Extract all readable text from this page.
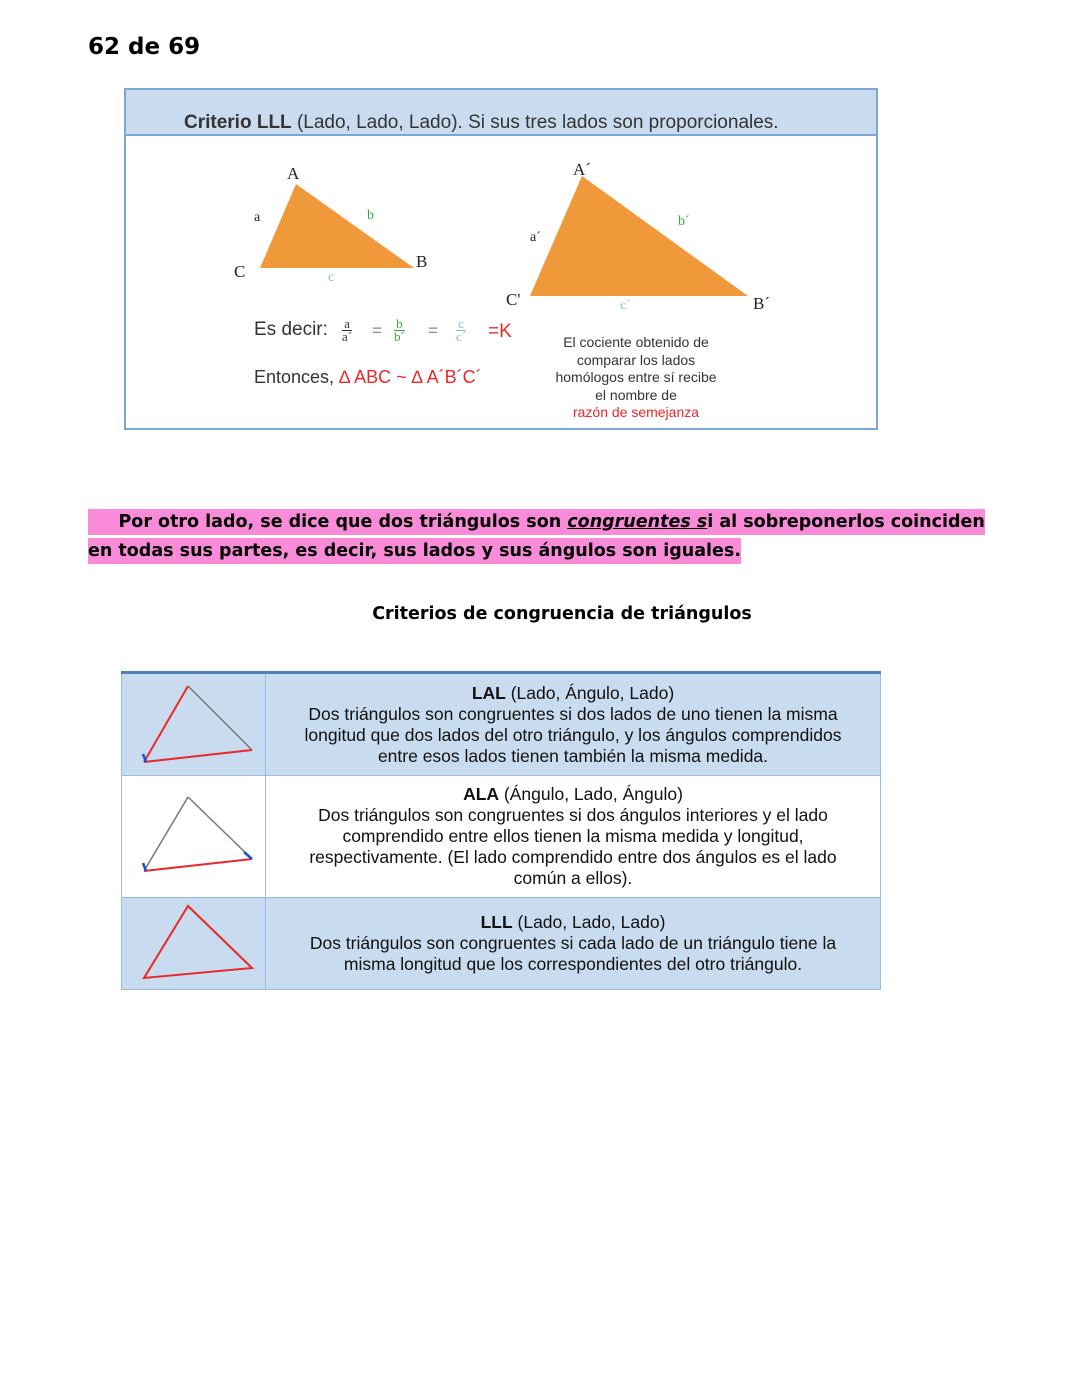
62 de 69
Criterio LLL (Lado, Lado, Lado). Si sus tres lados son proporcionales.
A
B
C
a	b
c
A´
B´
C'
a´
b´
c´
Es decir: $\frac{a}{a´} = \frac{b}{b´} = \frac{c}{c´} =K$
Entonces, ∆ ABC ~ ∆ A´B´C´
El cociente obtenido de
comparar los lados
homólogos entre sí recibe
el nombre de
razón de semejanza
Por otro lado, se dice que dos triángulos son congruentes si al sobreponerlos coinciden en todas sus partes, es decir, sus lados y sus ángulos son iguales.
Criterios de congruencia de triángulos

LAL (Lado, Ángulo, Lado)
Dos triángulos son congruentes si dos lados de uno tienen la misma longitud que dos lados del otro triángulo, y los ángulos comprendidos entre esos lados tienen también la misma medida.

ALA (Ángulo, Lado, Ángulo)
Dos triángulos son congruentes si dos ángulos interiores y el lado comprendido entre ellos tienen la misma medida y longitud, respectivamente. (El lado comprendido entre dos ángulos es el lado común a ellos).

LLL (Lado, Lado, Lado)
Dos triángulos son congruentes si cada lado de un triángulo tiene la misma longitud que los correspondientes del otro triángulo.
